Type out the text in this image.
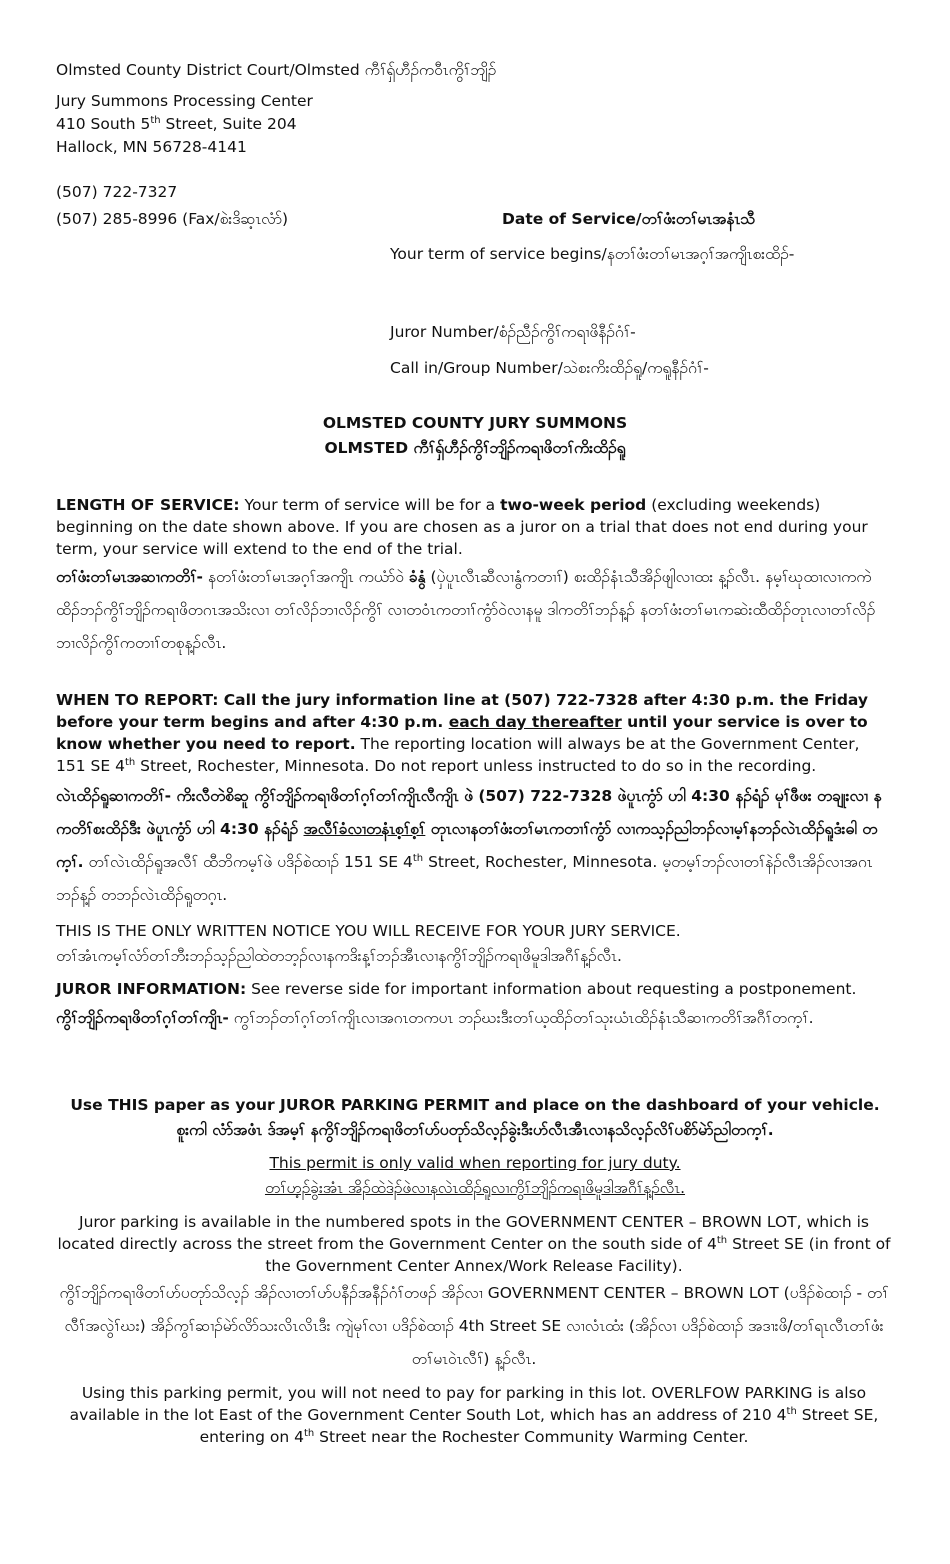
Olmsted County District Court/Olmsted ကီၢ်ရှ်ဟီၣ်ကဝီၤကွိၢ်ဘျိၣ်
Jury Summons Processing Center
410 South 5th Street, Suite 204
Hallock, MN 56728-4141
(507) 722-7327
(507) 285-8996 (Fax/စဲးဒိဆ့ၤလံာ်)	Date of Service/တၢ်ဖံးတၢ်မၤအနံၤသီ
Your term of service begins/နတၢ်ဖံးတၢ်မၤအဂ့ၢ်အကျိၤစးထိၣ်-
Juror Number/စံၣ်ညီၣ်ကွိၢ်ကရၢဖိနီၣ်ဂံၢ်-
Call in/Group Number/သဲစးကိးထိၣ်ရူ/ကရူနီၣ်ဂံၢ်-
OLMSTED COUNTY JURY SUMMONS
OLMSTED ကီၢ်ရှ်ဟီၣ်ကွိၢ်ဘျိၣ်ကရၢဖိတၢ်ကိးထိၣ်ရူ
LENGTH OF SERVICE: Your term of service will be for a two-week period (excluding weekends) beginning on the date shown above. If you are chosen as a juror on a trial that does not end during your term, your service will extend to the end of the trial.
တၢ်ဖံးတၢ်မၤအဆၢကတိၢ်- နတၢ်ဖံးတၢ်မၤအဂ့ၢ်အကျိၤ ကယံာ်ဝဲ ခံနွံ (ပှဲပူၤလီၤဆီလၢနွံကတၢၢ်) စးထိၣ်နံၤသီအိၣ်ဖျါလၢထး န့ၣ်လီၤ. နမ့ၢ်ဃုထၢလၢကကဲထိၣ်ဘၣ်ကွိၢ်ဘျိၣ်ကရၢဖိတဂၤအသိးလၢ တၢ်လိၣ်ဘၢလိၣ်ကွိၢ် လၢတဝံၤကတၢၢ်ကွံာ်ဝဲလၢနမူ ဒါကတိၢ်ဘၣ်န့ၣ် နတၢ်ဖံးတၢ်မၤကဆဲးထီထိၣ်တုၤလၢတၢ်လိၣ်ဘၢလိၣ်ကွိၢ်ကတၢၢ်တစုန့ၣ်လီၤ.
WHEN TO REPORT: Call the jury information line at (507) 722-7328 after 4:30 p.m. the Friday before your term begins and after 4:30 p.m. each day thereafter until your service is over to know whether you need to report. The reporting location will always be at the Government Center, 151 SE 4th Street, Rochester, Minnesota. Do not report unless instructed to do so in the recording.
လဲၤထိၣ်ရူဆၢကတိၢ်- ကိးလီတဲစိဆူ ကွိၢ်ဘျိၣ်ကရၢဖိတၢ်ဂ့ၢ်တၢ်ကျိၤလီကျိၤ ဖဲ (507) 722-7328 ဖဲပူၤကွံာ် ဟါ 4:30 နၣ်ရံၣ် မုၢ်ဖီဖး တချုးလၢ နကတိၢ်စးထိၣ်ဒီး ဖဲပူၤကွံာ် ဟါ 4:30 နၣ်ရံၣ် အလီၢ်ခံလၢတနံၤစ့ၢ်စ့ၢ် တုၤလၢနတၢ်ဖံးတၢ်မၤကတၢၢ်ကွံာ် လၢကသ့ၣ်ညါဘၣ်လၢမ့ၢ်နဘၣ်လဲၤထိၣ်ရူဒံးဓါ တက့ၢ်. တၢ်လဲၤထိၣ်ရူအလီၢ် ထီဘိကမ့ၢ်ဖဲ ပဒိၣ်စဲထၢၣ် 151 SE 4th Street, Rochester, Minnesota. မ့တမ့ၢ်ဘၣ်လၢတၢ်နဲၣ်လီၤအိၣ်လၢအဂၤဘၣ်န့ၣ် တဘၣ်လဲၤထိၣ်ရူတဂ့ၤ.
THIS IS THE ONLY WRITTEN NOTICE YOU WILL RECEIVE FOR YOUR JURY SERVICE.
တၢ်အံၤကမ့ၢ်လံာ်တၢ်ဘီးဘၣ်သ့ၣ်ညါထဲတဘ့ၣ်လၢနကဒိးန့ၢ်ဘၣ်အီၤလၢနကွိၢ်ဘျိၣ်ကရၢဖိမူဒါအဂီၢ်န့ၣ်လီၤ.
JUROR INFORMATION: See reverse side for important information about requesting a postponement.
ကွိၢ်ဘျိၣ်ကရၢဖိတၢ်ဂ့ၢ်တၢ်ကျိၤ- ကွၢ်ဘၣ်တၢ်ဂ့ၢ်တၢ်ကျိၤလၢအဂၤတကပၤ ဘၣ်ဃးဒီးတၢ်ယ့ထိၣ်တၢ်သုးယံၤထိၣ်နံၤသီဆၢကတိၢ်အဂီၢ်တက့ၢ်.
Use THIS paper as your JUROR PARKING PERMIT and place on the dashboard of your vehicle.
စူးကါ လံာ်အဖံၤ ဒ်အမ့ၢ် နကွိၢ်ဘျိၣ်ကရၢဖိတၢ်ဟ်ပတုာ်သိလ့ၣ်ခွဲးဒီးဟ်လီၤအီၤလၢနသိလ့ၣ်လိၢ်ပစိာ်မဲာ်ညါတက့ၢ်.
This permit is only valid when reporting for jury duty.
တၢ်ဟ့ၣ်ခွဲးအံၤ အိၣ်ထဲဒဲၣ်ဖဲလၢနလဲၤထိၣ်ရူလၢကွိၢ်ဘျိၣ်ကရၢဖိမူဒါအဂီၢ်န့ၣ်လီၤ.
Juror parking is available in the numbered spots in the GOVERNMENT CENTER – BROWN LOT, which is located directly across the street from the Government Center on the south side of 4th Street SE (in front of the Government Center Annex/Work Release Facility).
ကွိၢ်ဘျိၣ်ကရၢဖိတၢ်ဟ်ပတုာ်သိလ့ၣ် အိၣ်လၢတၢ်ဟ်ပနီၣ်အနီၣ်ဂံၢ်တဖၣ် အိၣ်လၢ GOVERNMENT CENTER – BROWN LOT (ပဒိၣ်စဲထၢၣ် - တၢ်လီၢ်အလွဲၢ်ဃး) အိၣ်ကွၢ်ဆၢၣ်မဲာ်လိာ်သးလိၤလိၤဒီး ကျဲမုၢ်လၢ ပဒိၣ်စဲထၢၣ် 4th Street SE လၢလံၤထံး (အိၣ်လၢ ပဒိၣ်စဲထၢၣ် အဒၢးဖိ/တၢ်ရၤလီၤတၢ်ဖံးတၢ်မၤဝဲၤလီၢ်) န့ၣ်လီၤ.
Using this parking permit, you will not need to pay for parking in this lot. OVERLFOW PARKING is also available in the lot East of the Government Center South Lot, which has an address of 210 4th Street SE, entering on 4th Street near the Rochester Community Warming Center.
